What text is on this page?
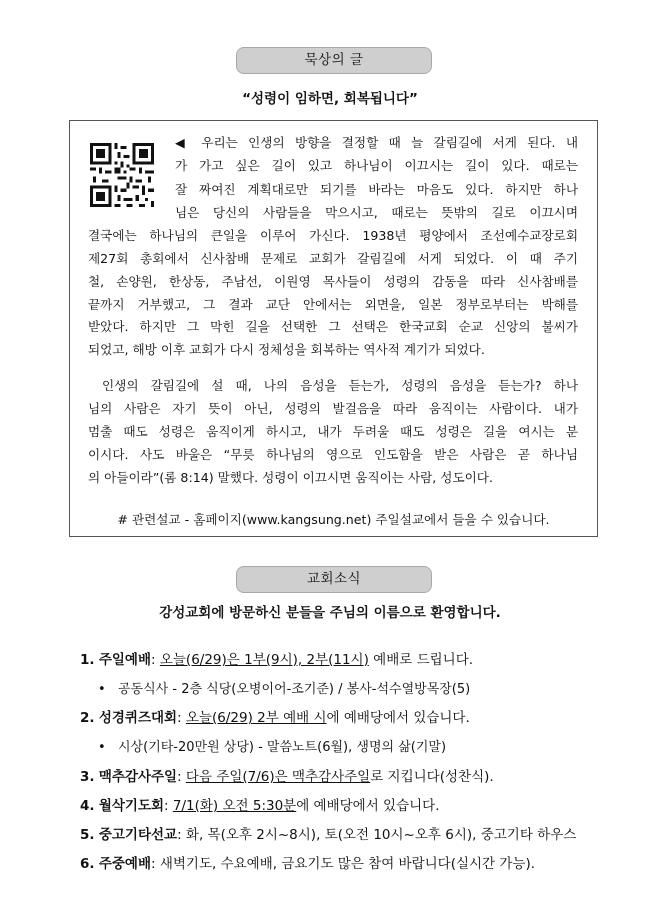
묵상의 글
“성령이 임하면, 회복됩니다”
◀ 우리는 인생의 방향을 결정할 때 늘 갈림길에 서게 된다. 내
가 가고 싶은 길이 있고 하나님이 이끄시는 길이 있다. 때로는
잘 짜여진 계획대로만 되기를 바라는 마음도 있다. 하지만 하나
님은 당신의 사람들을 막으시고, 때로는 뜻밖의 길로 이끄시며
결국에는 하나님의 큰일을 이루어 가신다. 1938년 평양에서 조선예수교장로회
제27회 총회에서 신사참배 문제로 교회가 갈림길에 서게 되었다. 이 때 주기
철, 손양원, 한상동, 주남선, 이원영 목사들이 성령의 감동을 따라 신사참배를
끝까지 거부했고, 그 결과 교단 안에서는 외면을, 일본 정부로부터는 박해를
받았다. 하지만 그 막힌 길을 선택한 그 선택은 한국교회 순교 신앙의 불씨가
되었고, 해방 이후 교회가 다시 정체성을 회복하는 역사적 계기가 되었다.
인생의 갈림길에 설 때, 나의 음성을 듣는가, 성령의 음성을 듣는가? 하나
님의 사람은 자기 뜻이 아닌, 성령의 발걸음을 따라 움직이는 사람이다. 내가
멈출 때도 성령은 움직이게 하시고, 내가 두려울 때도 성령은 길을 여시는 분
이시다. 사도 바울은 “무릇 하나님의 영으로 인도함을 받은 사람은 곧 하나님
의 아들이라”(롬 8:14) 말했다. 성령이 이끄시면 움직이는 사람, 성도이다.
# 관련설교 - 홈페이지(www.kangsung.net) 주일설교에서 들을 수 있습니다.
교회소식
강성교회에 방문하신 분들을 주님의 이름으로 환영합니다.
1. 주일예배: 오늘(6/29)은 1부(9시), 2부(11시) 예배로 드립니다.
• 공동식사 - 2층 식당(오병이어-조기준) / 봉사-석수열방목장(5)
2. 성경퀴즈대회: 오늘(6/29) 2부 예배 시에 예배당에서 있습니다.
• 시상(기타-20만원 상당) - 말씀노트(6월), 생명의 삶(기말)
3. 맥추감사주일: 다음 주일(7/6)은 맥추감사주일로 지킵니다(성찬식).
4. 월삭기도회: 7/1(화) 오전 5:30분에 예배당에서 있습니다.
5. 중고기타선교: 화, 목(오후 2시~8시), 토(오전 10시~오후 6시), 중고기타 하우스
6. 주중예배: 새벽기도, 수요예배, 금요기도 많은 참여 바랍니다(실시간 가능).
